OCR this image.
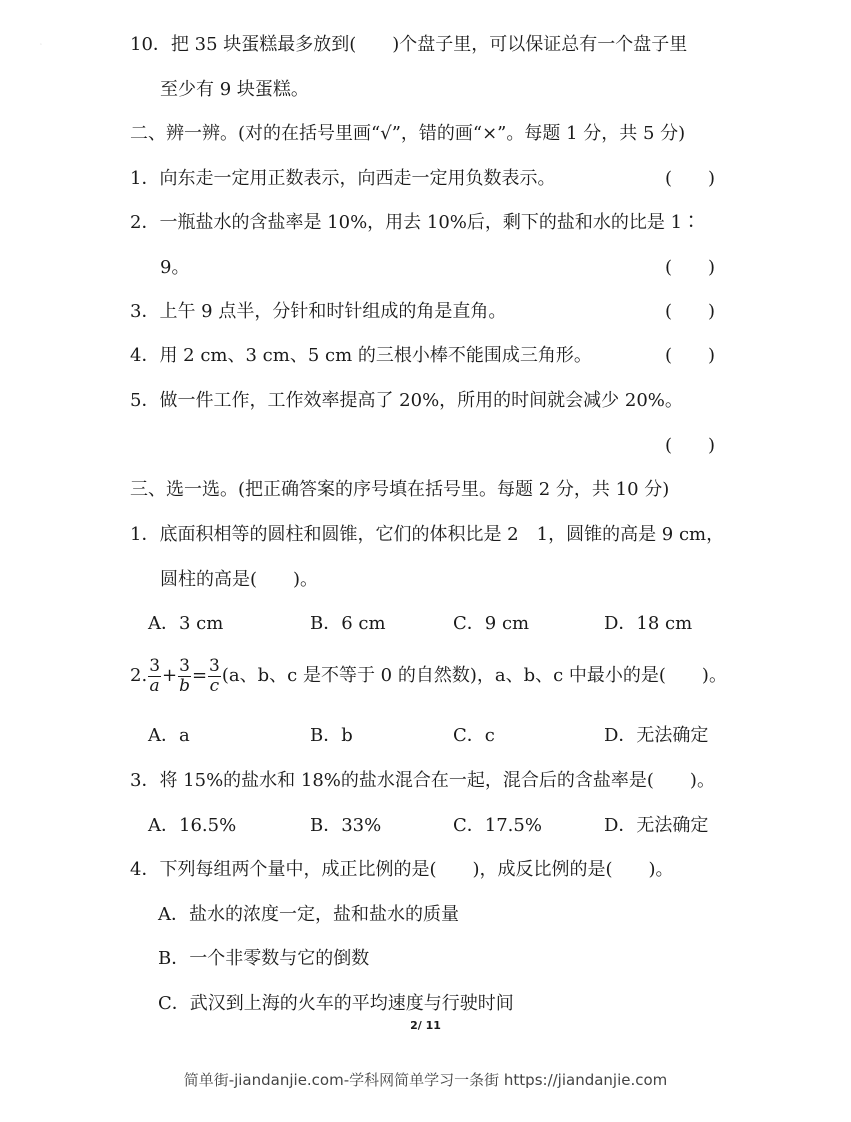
·	10．把 35 块蛋糕最多放到(　　)个盘子里，可以保证总有一个盘子里
至少有 9 块蛋糕。
二、辨一辨。(对的在括号里画“√”，错的画“×”。每题 1 分，共 5 分)
1．向东走一定用正数表示，向西走一定用负数表示。	(　　)
2．一瓶盐水的含盐率是 10%，用去 10%后，剩下的盐和水的比是 1∶
9。	(　　)
3．上午 9 点半，分针和时针组成的角是直角。	(　　)
4．用 2 cm、3 cm、5 cm 的三根小棒不能围成三角形。	(　　)
5．做一件工作，工作效率提高了 20%，所用的时间就会减少 20%。
(　　)
三、选一选。(把正确答案的序号填在括号里。每题 2 分，共 10 分)
1．底面积相等的圆柱和圆锥，它们的体积比是 2　1，圆锥的高是 9 cm，
圆柱的高是(　　)。
A．3 cm	B．6 cm	C．9 cm	D．18 cm
2. $\frac{3}{a} + \frac{3}{b} = \frac{3}{c} (a$、b、c 是不等于 0 的自然数)，a、b、c 中最小的是(　　)。
A．a	B．b	C．c	D．无法确定
3．将 15%的盐水和 18%的盐水混合在一起，混合后的含盐率是(　　)。
A．16.5%	B．33%	C．17.5%	D．无法确定
4．下列每组两个量中，成正比例的是(　　)，成反比例的是(　　)。
A．盐水的浓度一定，盐和盐水的质量
B．一个非零数与它的倒数
C．武汉到上海的火车的平均速度与行驶时间
2/ 11
简单街-jiandanjie.com-学科网简单学习一条街 https://jiandanjie.com
